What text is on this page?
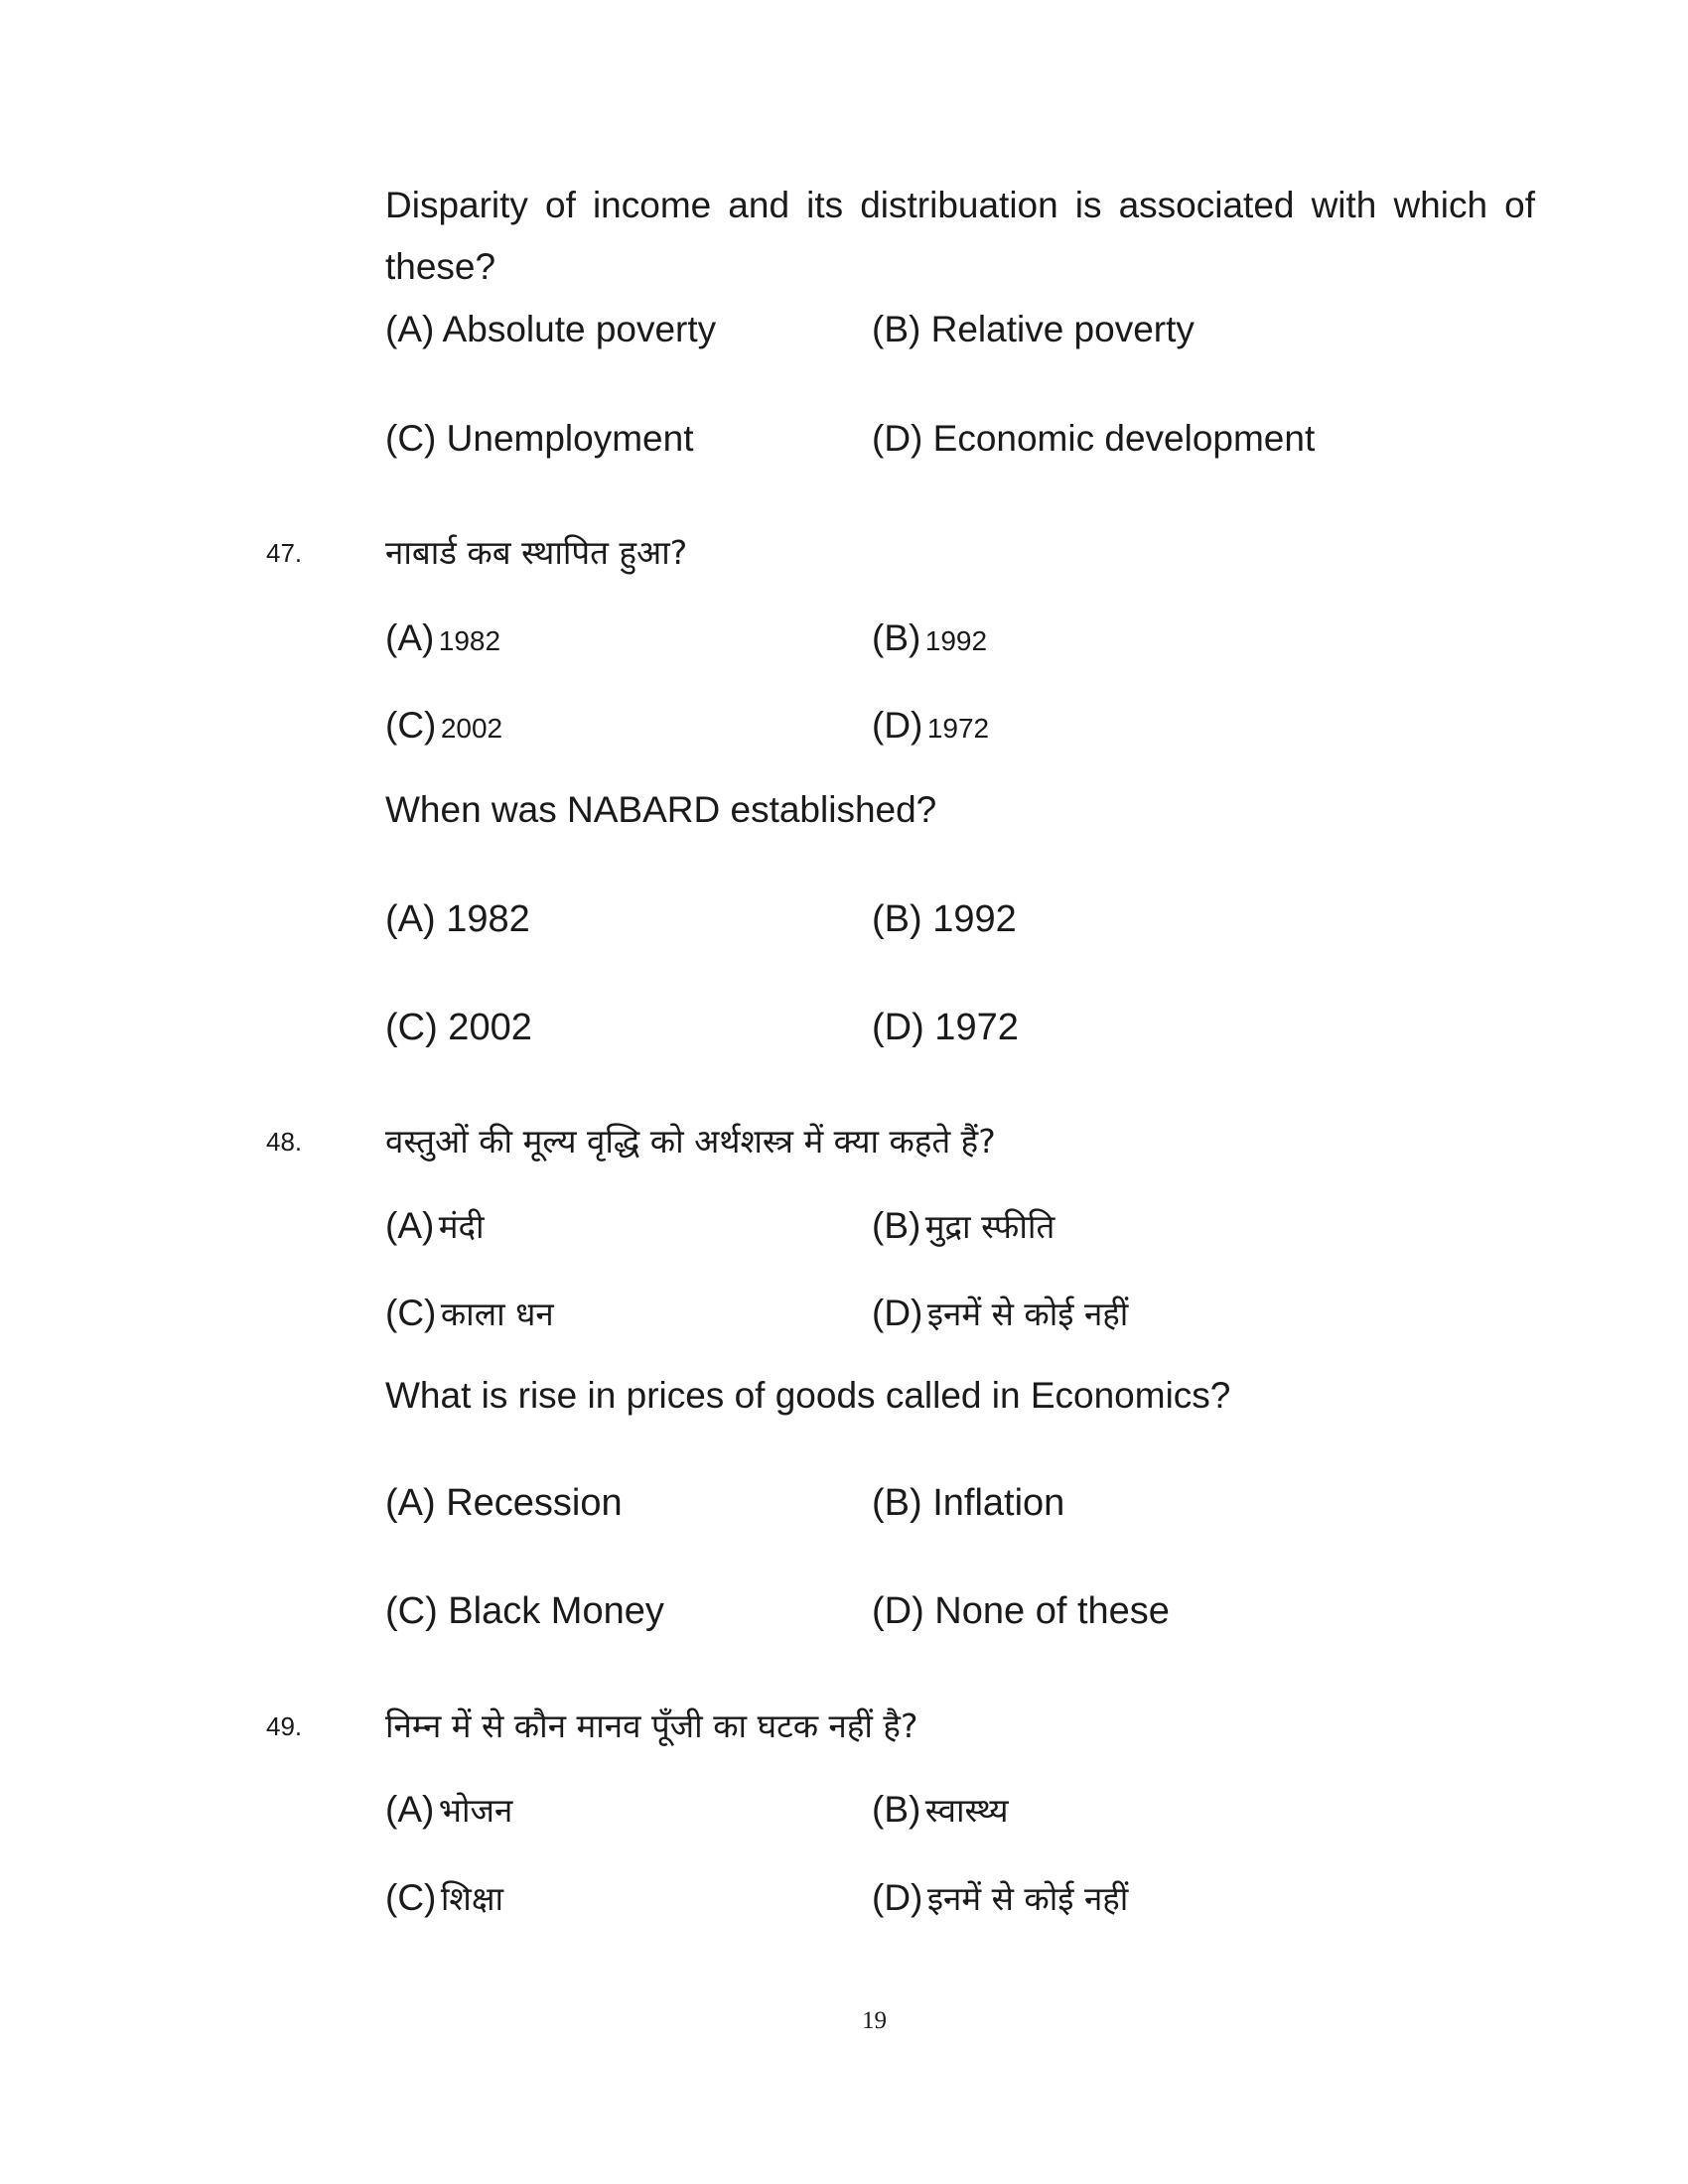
Disparity of income and its distribuation is associated with which of
these?
(A) Absolute poverty	(B) Relative poverty
(C) Unemployment	(D) Economic development
47.	नाबार्ड कब स्थापित हुआ?
(A) 1982	(B) 1992
(C) 2002	(D) 1972
When was NABARD established?
(A) 1982	(B) 1992
(C) 2002	(D) 1972
48.	वस्तुओं की मूल्य वृद्धि को अर्थशस्त्र में क्या कहते हैं?
(A) मंदी	(B) मुद्रा स्फीति
(C) काला धन	(D) इनमें से कोई नहीं
What is rise in prices of goods called in Economics?
(A) Recession	(B) Inflation
(C) Black Money	(D) None of these
49.	निम्न में से कौन मानव पूँजी का घटक नहीं है?
(A) भोजन	(B) स्वास्थ्य
(C) शिक्षा	(D) इनमें से कोई नहीं
19
